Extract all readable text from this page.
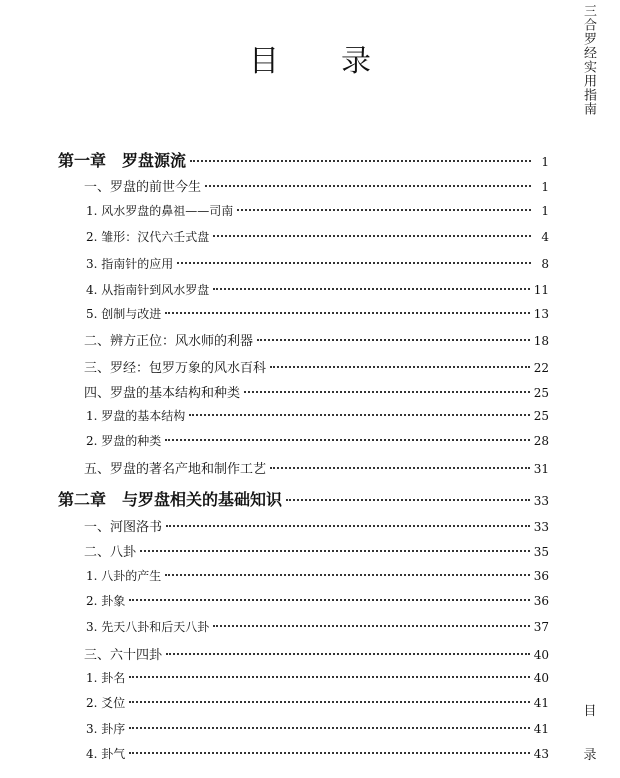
目 录	三合罗经实用指南
目
录
第一章　罗盘源流	1
一、罗盘的前世今生	1
1. 风水罗盘的鼻祖——司南	1
2. 雏形：汉代六壬式盘	4
3. 指南针的应用	8
4. 从指南针到风水罗盘	11
5. 创制与改进	13
二、辨方正位：风水师的利器	18
三、罗经：包罗万象的风水百科	22
四、罗盘的基本结构和种类	25
1. 罗盘的基本结构	25
2. 罗盘的种类	28
五、罗盘的著名产地和制作工艺	31
第二章　与罗盘相关的基础知识	33
一、河图洛书	33
二、八卦	35
1. 八卦的产生	36
2. 卦象	36
3. 先天八卦和后天八卦	37
三、六十四卦	40
1. 卦名	40
2. 爻位	41
3. 卦序	41
4. 卦气	43
